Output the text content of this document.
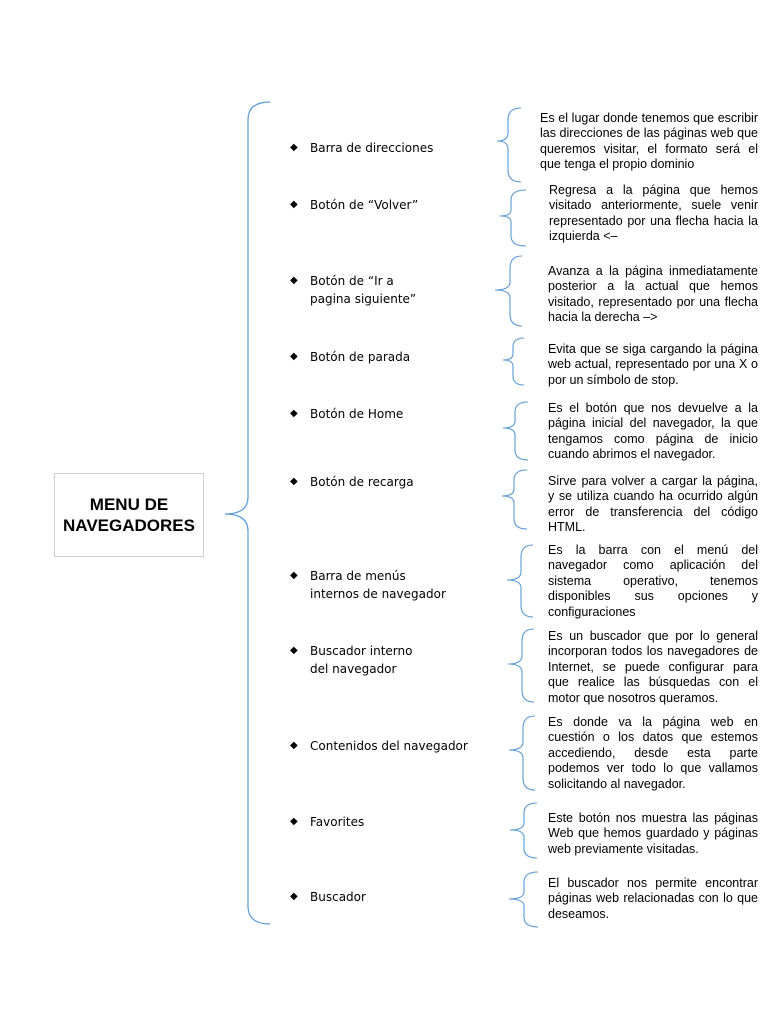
MENU DE
NAVEGADORES

◆ Barra de direcciones

◆ Botón de “Volver”

◆ Botón de “Ir a
pagina siguiente”

◆ Botón de parada

◆ Botón de Home

◆ Botón de recarga

◆ Barra de menús
internos de navegador

◆ Buscador interno
del navegador

◆ Contenidos del navegador

◆ Favorites

◆ Buscador

Es el lugar donde tenemos que escribir las direcciones de las páginas web que queremos visitar, el formato será el que tenga el propio dominio
Regresa a la página que hemos visitado anteriormente, suele venir representado por una flecha hacia la izquierda <–
Avanza a la página inmediatamente posterior a la actual que hemos visitado, representado por una flecha hacia la derecha –>
Evita que se siga cargando la página web actual, representado por una X o por un símbolo de stop.
Es el botón que nos devuelve a la página inicial del navegador, la que tengamos como página de inicio cuando abrimos el navegador.
Sirve para volver a cargar la página, y se utiliza cuando ha ocurrido algún error de transferencia del código HTML.
Es la barra con el menú del navegador como aplicación del sistema operativo, tenemos disponibles sus opciones y configuraciones
Es un buscador que por lo general incorporan todos los navegadores de Internet, se puede configurar para que realice las búsquedas con el motor que nosotros queramos.
Es donde va la página web en cuestión o los datos que estemos accediendo, desde esta parte podemos ver todo lo que vallamos solicitando al navegador.
Este botón nos muestra las páginas Web que hemos guardado y páginas web previamente visitadas.
El buscador nos permite encontrar páginas web relacionadas con lo que deseamos.
